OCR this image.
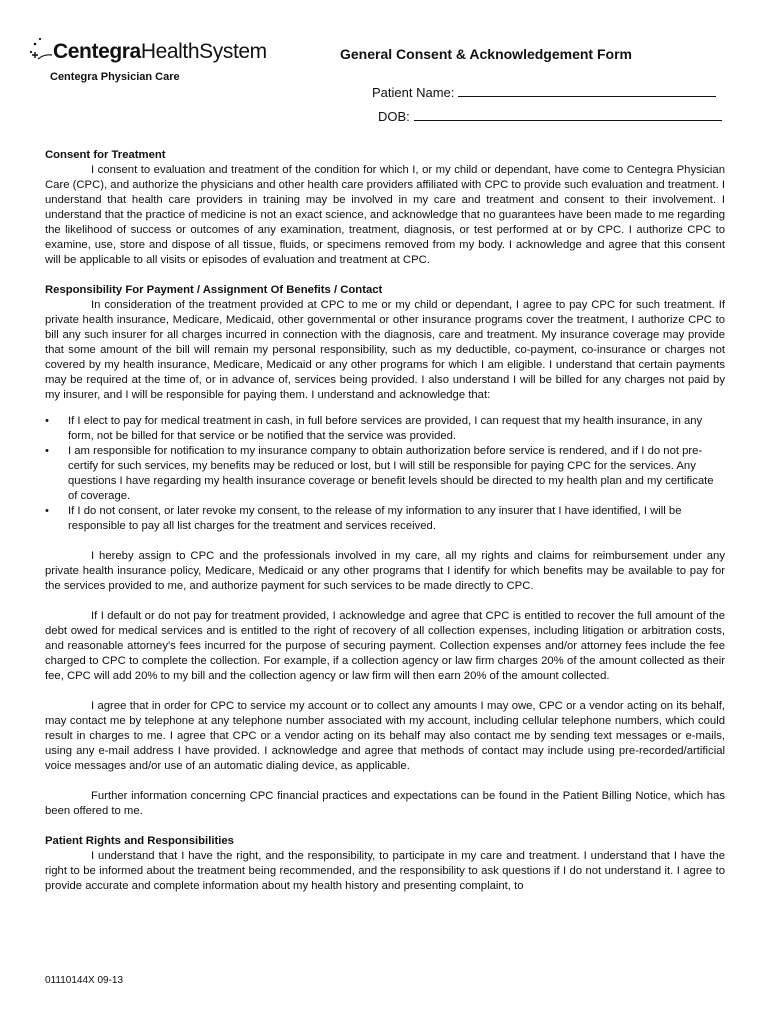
CentegraHealthSystem
Centegra Physician Care
General Consent & Acknowledgement Form
Patient Name:
DOB:

Consent for Treatment

I consent to evaluation and treatment of the condition for which I, or my child or dependant, have come to Centegra Physician Care (CPC), and authorize the physicians and other health care providers affiliated with CPC to provide such evaluation and treatment. I understand that health care providers in training may be involved in my care and treatment and consent to their involvement. I understand that the practice of medicine is not an exact science, and acknowledge that no guarantees have been made to me regarding the likelihood of success or outcomes of any examination, treatment, diagnosis, or test performed at or by CPC. I authorize CPC to examine, use, store and dispose of all tissue, fluids, or specimens removed from my body. I acknowledge and agree that this consent will be applicable to all visits or episodes of evaluation and treatment at CPC.

Responsibility For Payment / Assignment Of Benefits / Contact

In consideration of the treatment provided at CPC to me or my child or dependant, I agree to pay CPC for such treatment. If private health insurance, Medicare, Medicaid, other governmental or other insurance programs cover the treatment, I authorize CPC to bill any such insurer for all charges incurred in connection with the diagnosis, care and treatment. My insurance coverage may provide that some amount of the bill will remain my personal responsibility, such as my deductible, co-payment, co-insurance or charges not covered by my health insurance, Medicare, Medicaid or any other programs for which I am eligible. I understand that certain payments may be required at the time of, or in advance of, services being provided. I also understand I will be billed for any charges not paid by my insurer, and I will be responsible for paying them. I understand and acknowledge that:

• If I elect to pay for medical treatment in cash, in full before services are provided, I can request that my health insurance, in any form, not be billed for that service or be notified that the service was provided.
• I am responsible for notification to my insurance company to obtain authorization before service is rendered, and if I do not pre-certify for such services, my benefits may be reduced or lost, but I will still be responsible for paying CPC for the services. Any questions I have regarding my health insurance coverage or benefit levels should be directed to my health plan and my certificate of coverage.
• If I do not consent, or later revoke my consent, to the release of my information to any insurer that I have identified, I will be responsible to pay all list charges for the treatment and services received.

I hereby assign to CPC and the professionals involved in my care, all my rights and claims for reimbursement under any private health insurance policy, Medicare, Medicaid or any other programs that I identify for which benefits may be available to pay for the services provided to me, and authorize payment for such services to be made directly to CPC.

If I default or do not pay for treatment provided, I acknowledge and agree that CPC is entitled to recover the full amount of the debt owed for medical services and is entitled to the right of recovery of all collection expenses, including litigation or arbitration costs, and reasonable attorney's fees incurred for the purpose of securing payment. Collection expenses and/or attorney fees include the fee charged to CPC to complete the collection. For example, if a collection agency or law firm charges 20% of the amount collected as their fee, CPC will add 20% to my bill and the collection agency or law firm will then earn 20% of the amount collected.

I agree that in order for CPC to service my account or to collect any amounts I may owe, CPC or a vendor acting on its behalf, may contact me by telephone at any telephone number associated with my account, including cellular telephone numbers, which could result in charges to me. I agree that CPC or a vendor acting on its behalf may also contact me by sending text messages or e-mails, using any e-mail address I have provided. I acknowledge and agree that methods of contact may include using pre-recorded/artificial voice messages and/or use of an automatic dialing device, as applicable.

Further information concerning CPC financial practices and expectations can be found in the Patient Billing Notice, which has been offered to me.

Patient Rights and Responsibilities

I understand that I have the right, and the responsibility, to participate in my care and treatment. I understand that I have the right to be informed about the treatment being recommended, and the responsibility to ask questions if I do not understand it. I agree to provide accurate and complete information about my health history and presenting complaint, to

01110144X 09-13
